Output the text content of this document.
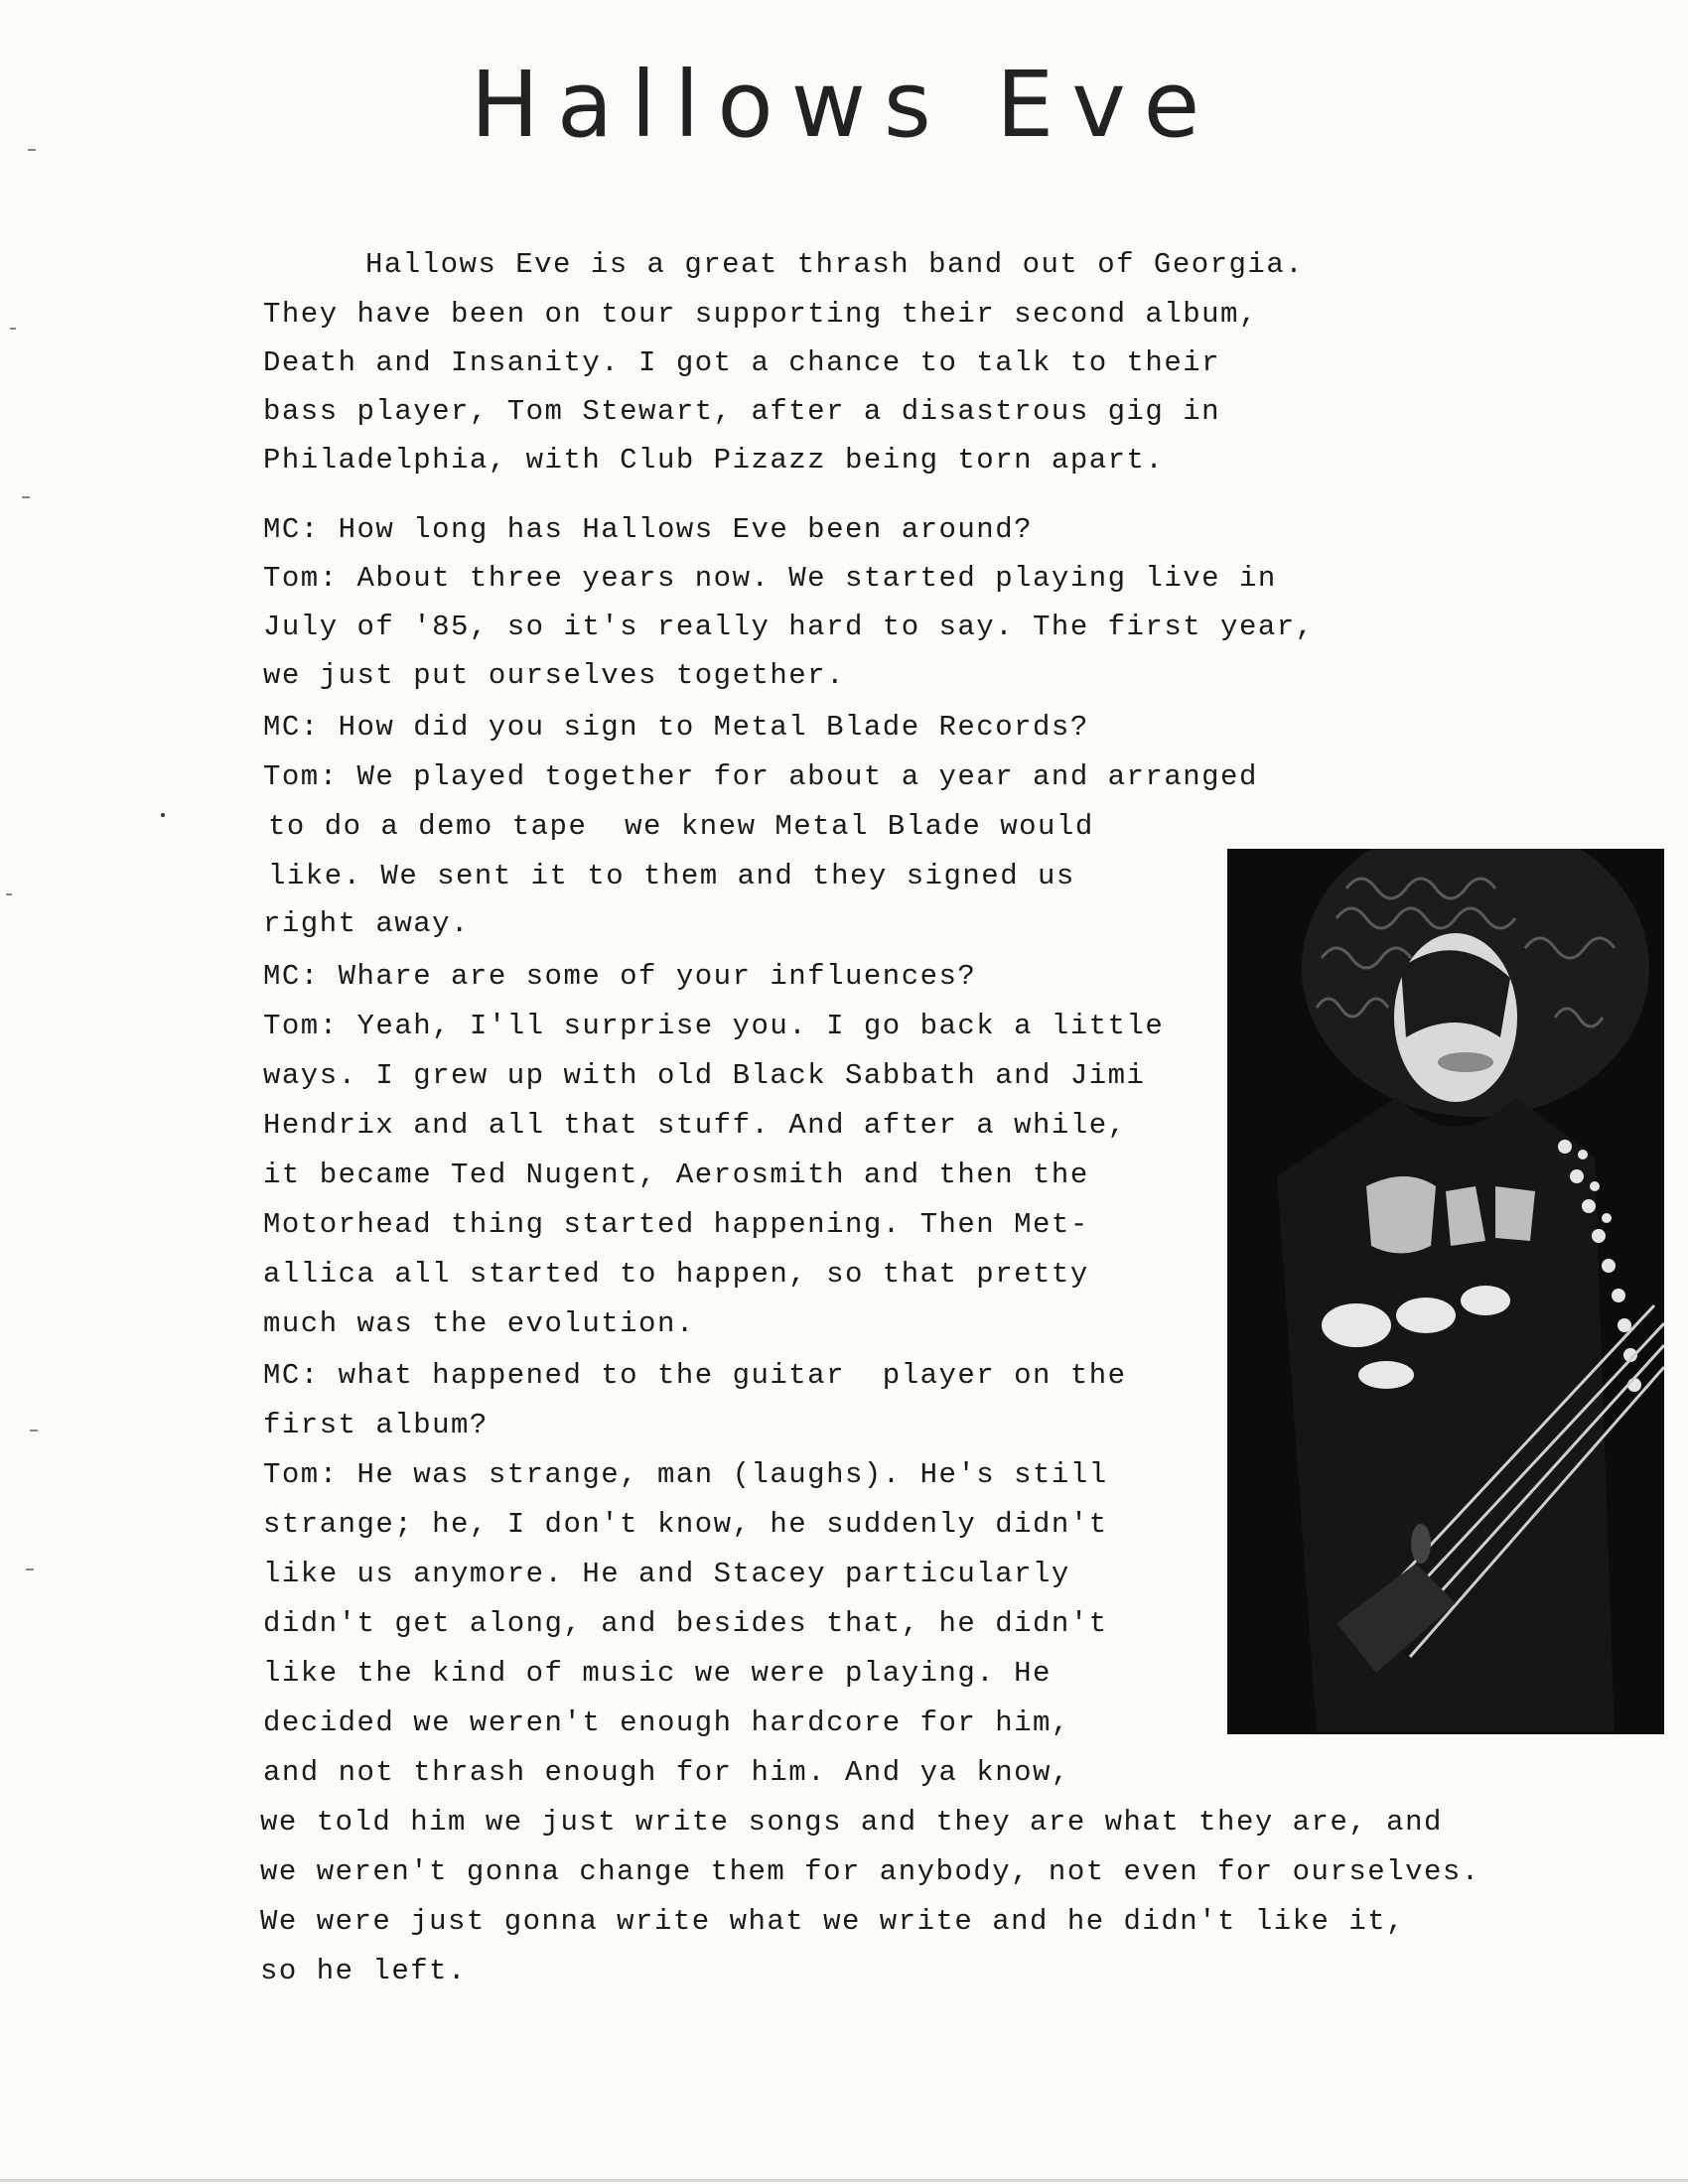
Hallows Eve
Hallows Eve is a great thrash band out of Georgia.
They have been on tour supporting their second album,
Death and Insanity. I got a chance to talk to their
bass player, Tom Stewart, after a disastrous gig in
Philadelphia, with Club Pizazz being torn apart.
MC: How long has Hallows Eve been around?
Tom: About three years now. We started playing live in
July of '85, so it's really hard to say. The first year,
we just put ourselves together.
MC: How did you sign to Metal Blade Records?
Tom: We played together for about a year and arranged
to do a demo tape  we knew Metal Blade would
like. We sent it to them and they signed us
right away.
MC: Whare are some of your influences?
Tom: Yeah, I'll surprise you. I go back a little
ways. I grew up with old Black Sabbath and Jimi
Hendrix and all that stuff. And after a while,
it became Ted Nugent, Aerosmith and then the
Motorhead thing started happening. Then Met-
allica all started to happen, so that pretty
much was the evolution.
MC: what happened to the guitar  player on the
first album?
Tom: He was strange, man (laughs). He's still
strange; he, I don't know, he suddenly didn't
like us anymore. He and Stacey particularly
didn't get along, and besides that, he didn't
like the kind of music we were playing. He
decided we weren't enough hardcore for him,
and not thrash enough for him. And ya know,
we told him we just write songs and they are what they are, and
we weren't gonna change them for anybody, not even for ourselves.
We were just gonna write what we write and he didn't like it,
so he left.
